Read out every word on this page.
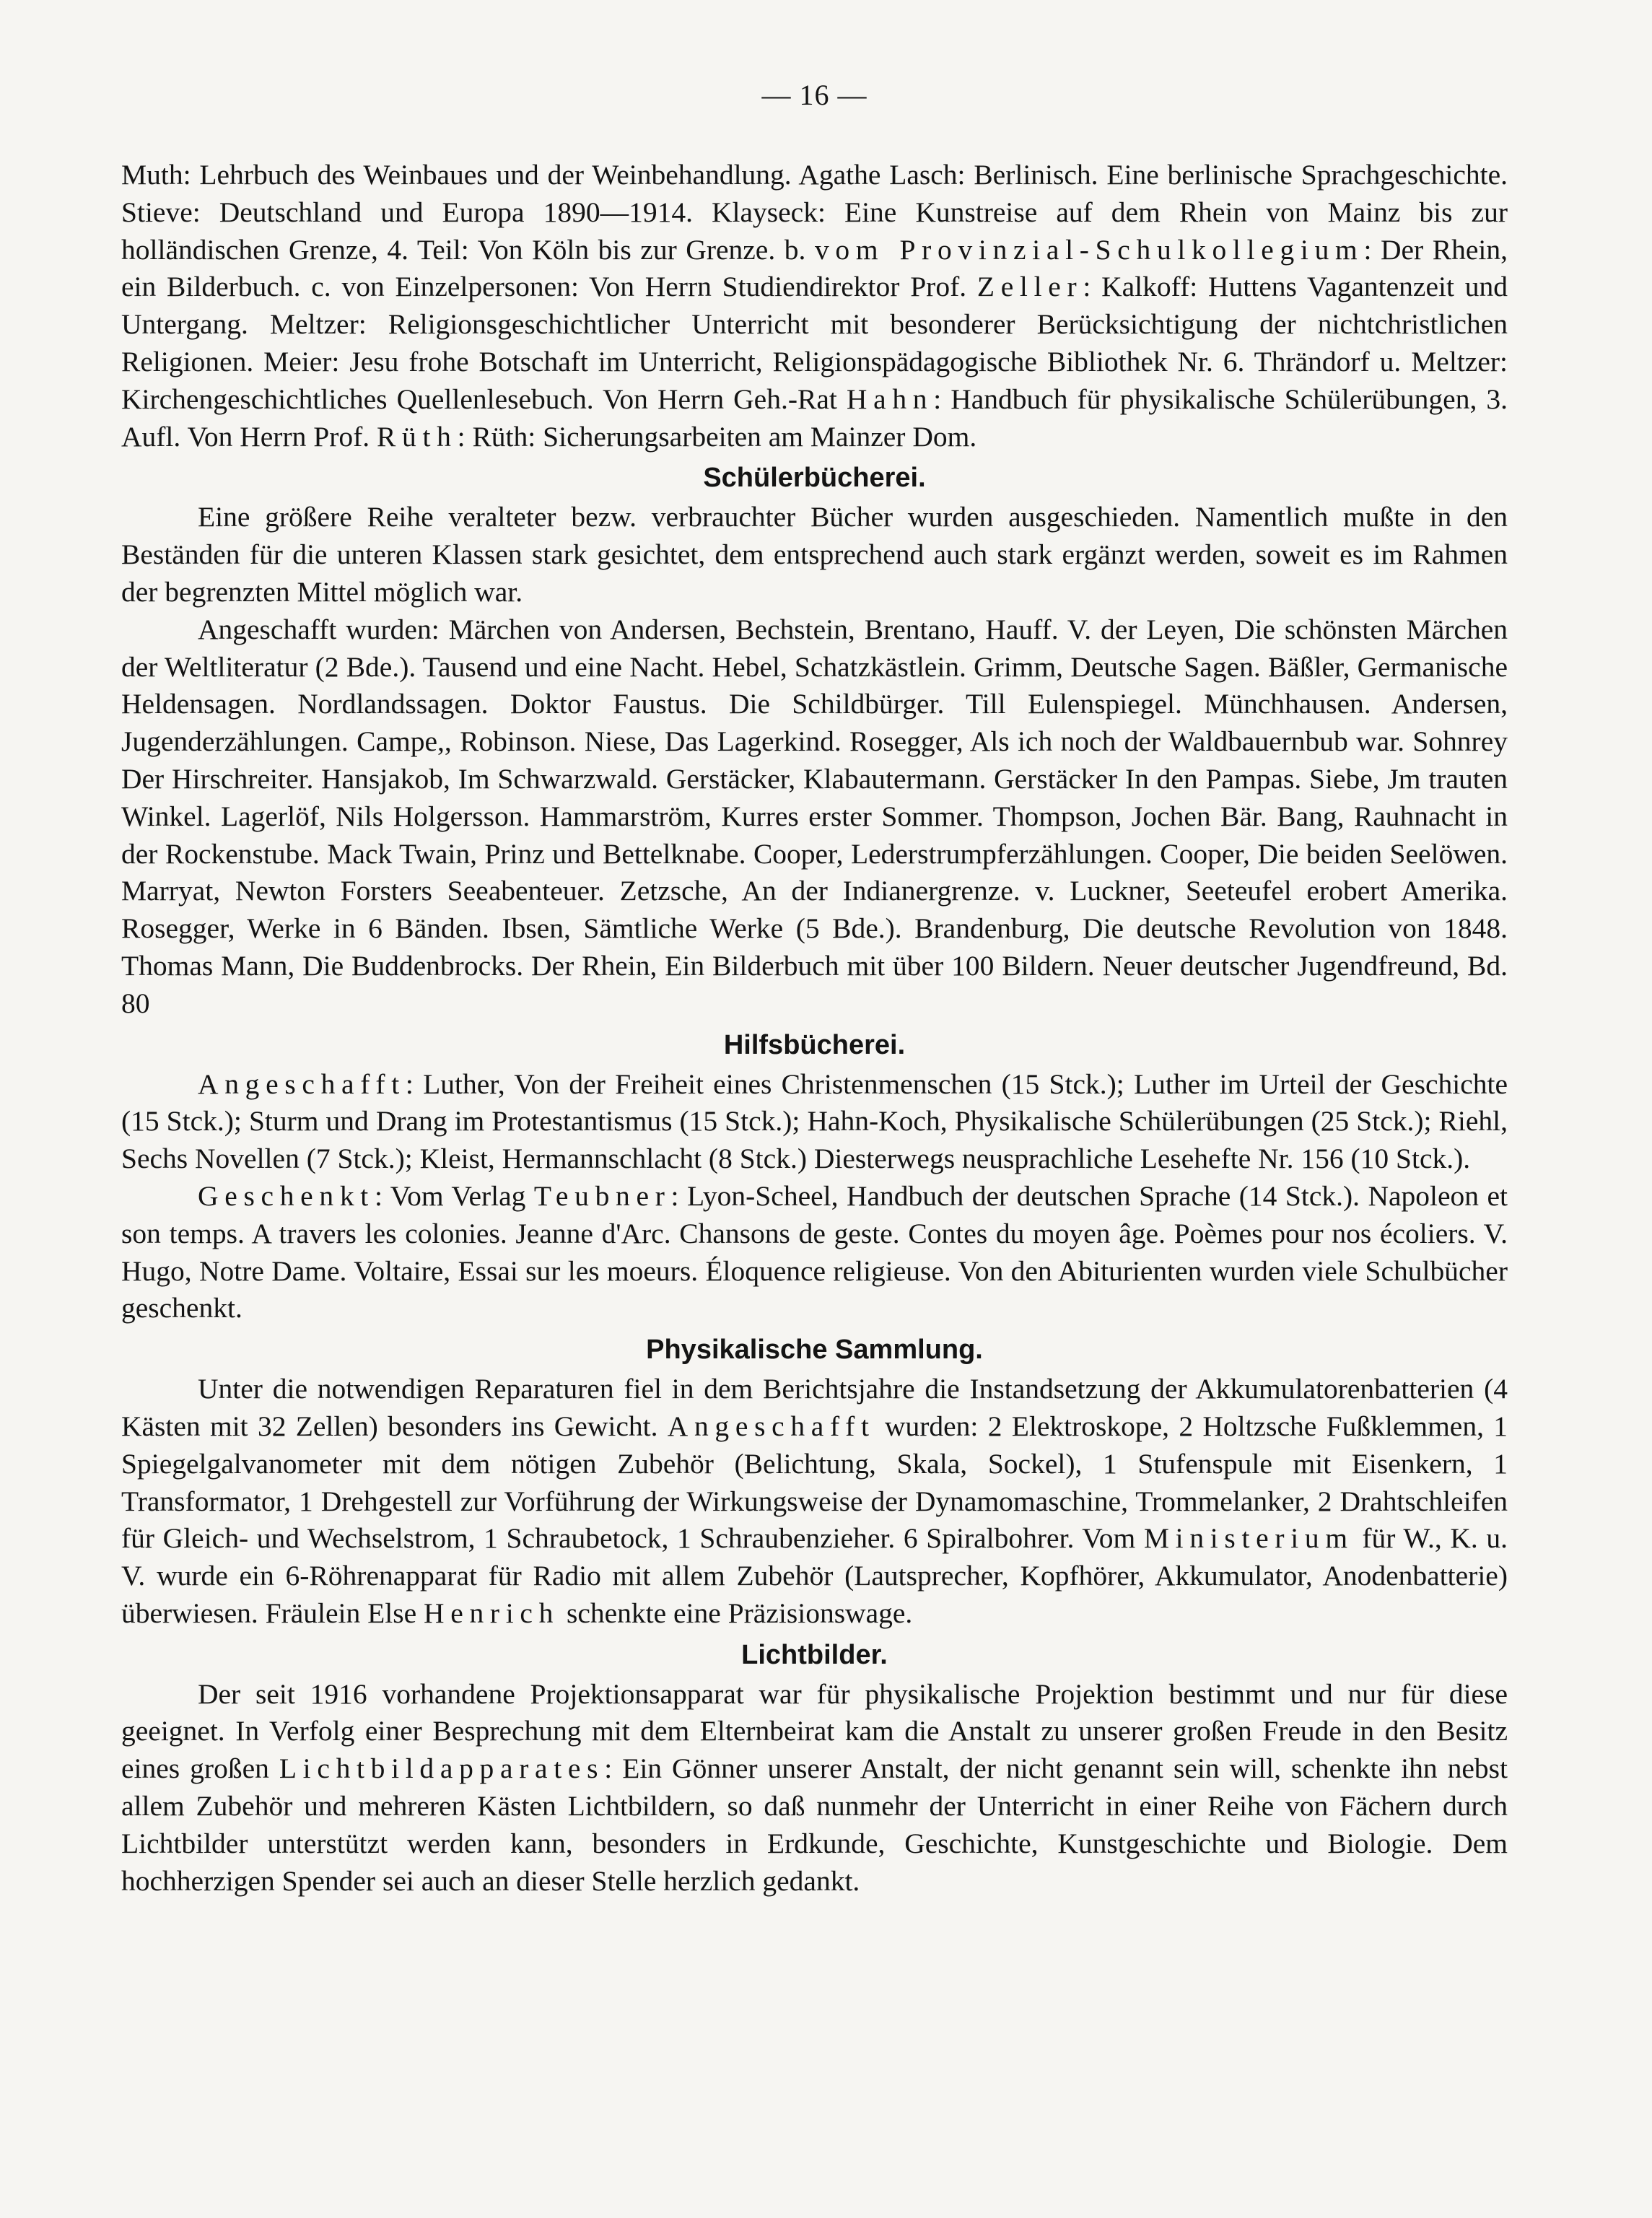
— 16 —

Muth: Lehrbuch des Weinbaues und der Weinbehandlung. Agathe Lasch: Berlinisch. Eine berlinische Sprachgeschichte. Stieve: Deutschland und Europa 1890—1914. Klayseck: Eine Kunstreise auf dem Rhein von Mainz bis zur holländischen Grenze, 4. Teil: Von Köln bis zur Grenze. b. vom Provinzial-Schulkollegium: Der Rhein, ein Bilderbuch. c. von Einzelpersonen: Von Herrn Studiendirektor Prof. Zeller: Kalkoff: Huttens Vagantenzeit und Untergang. Meltzer: Religionsgeschichtlicher Unterricht mit besonderer Berücksichtigung der nichtchristlichen Religionen. Meier: Jesu frohe Botschaft im Unterricht, Religionspädagogische Bibliothek Nr. 6. Thrändorf u. Meltzer: Kirchengeschichtliches Quellenlesebuch. Von Herrn Geh.-Rat Hahn: Handbuch für physikalische Schülerübungen, 3. Aufl. Von Herrn Prof. Rüth: Rüth: Sicherungsarbeiten am Mainzer Dom.

Schülerbücherei.

Eine größere Reihe veralteter bezw. verbrauchter Bücher wurden ausgeschieden. Namentlich mußte in den Beständen für die unteren Klassen stark gesichtet, dem entsprechend auch stark ergänzt werden, soweit es im Rahmen der begrenzten Mittel möglich war.

Angeschafft wurden: Märchen von Andersen, Bechstein, Brentano, Hauff. V. der Leyen, Die schönsten Märchen der Weltliteratur (2 Bde.). Tausend und eine Nacht. Hebel, Schatzkästlein. Grimm, Deutsche Sagen. Bäßler, Germanische Heldensagen. Nordlandssagen. Doktor Faustus. Die Schildbürger. Till Eulenspiegel. Münchhausen. Andersen, Jugenderzählungen. Campe,, Robinson. Niese, Das Lagerkind. Rosegger, Als ich noch der Waldbauernbub war. Sohnrey Der Hirschreiter. Hansjakob, Im Schwarzwald. Gerstäcker, Klabautermann. Gerstäcker In den Pampas. Siebe, Jm trauten Winkel. Lagerlöf, Nils Holgersson. Hammarström, Kurres erster Sommer. Thompson, Jochen Bär. Bang, Rauhnacht in der Rockenstube. Mack Twain, Prinz und Bettelknabe. Cooper, Lederstrumpferzählungen. Cooper, Die beiden Seelöwen. Marryat, Newton Forsters Seeabenteuer. Zetzsche, An der Indianergrenze. v. Luckner, Seeteufel erobert Amerika. Rosegger, Werke in 6 Bänden. Ibsen, Sämtliche Werke (5 Bde.). Brandenburg, Die deutsche Revolution von 1848. Thomas Mann, Die Buddenbrocks. Der Rhein, Ein Bilderbuch mit über 100 Bildern. Neuer deutscher Jugendfreund, Bd. 80

Hilfsbücherei.

Angeschafft: Luther, Von der Freiheit eines Christenmenschen (15 Stck.); Luther im Urteil der Geschichte (15 Stck.); Sturm und Drang im Protestantismus (15 Stck.); Hahn-Koch, Physikalische Schülerübungen (25 Stck.); Riehl, Sechs Novellen (7 Stck.); Kleist, Hermannschlacht (8 Stck.) Diesterwegs neusprachliche Lesehefte Nr. 156 (10 Stck.).

Geschenkt: Vom Verlag Teubner: Lyon-Scheel, Handbuch der deutschen Sprache (14 Stck.). Napoleon et son temps. A travers les colonies. Jeanne d'Arc. Chansons de geste. Contes du moyen âge. Poèmes pour nos écoliers. V. Hugo, Notre Dame. Voltaire, Essai sur les moeurs. Éloquence religieuse. Von den Abiturienten wurden viele Schulbücher geschenkt.

Physikalische Sammlung.

Unter die notwendigen Reparaturen fiel in dem Berichtsjahre die Instandsetzung der Akkumulatorenbatterien (4 Kästen mit 32 Zellen) besonders ins Gewicht. Angeschafft wurden: 2 Elektroskope, 2 Holtzsche Fußklemmen, 1 Spiegelgalvanometer mit dem nötigen Zubehör (Belichtung, Skala, Sockel), 1 Stufenspule mit Eisenkern, 1 Transformator, 1 Drehgestell zur Vorführung der Wirkungsweise der Dynamomaschine, Trommelanker, 2 Drahtschleifen für Gleich- und Wechselstrom, 1 Schraubetock, 1 Schraubenzieher. 6 Spiralbohrer. Vom Ministerium für W., K. u. V. wurde ein 6-Röhrenapparat für Radio mit allem Zubehör (Lautsprecher, Kopfhörer, Akkumulator, Anodenbatterie) überwiesen. Fräulein Else Henrich schenkte eine Präzisionswage.

Lichtbilder.

Der seit 1916 vorhandene Projektionsapparat war für physikalische Projektion bestimmt und nur für diese geeignet. In Verfolg einer Besprechung mit dem Elternbeirat kam die Anstalt zu unserer großen Freude in den Besitz eines großen Lichtbildapparates: Ein Gönner unserer Anstalt, der nicht genannt sein will, schenkte ihn nebst allem Zubehör und mehreren Kästen Lichtbildern, so daß nunmehr der Unterricht in einer Reihe von Fächern durch Lichtbilder unterstützt werden kann, besonders in Erdkunde, Geschichte, Kunstgeschichte und Biologie. Dem hochherzigen Spender sei auch an dieser Stelle herzlich gedankt.
